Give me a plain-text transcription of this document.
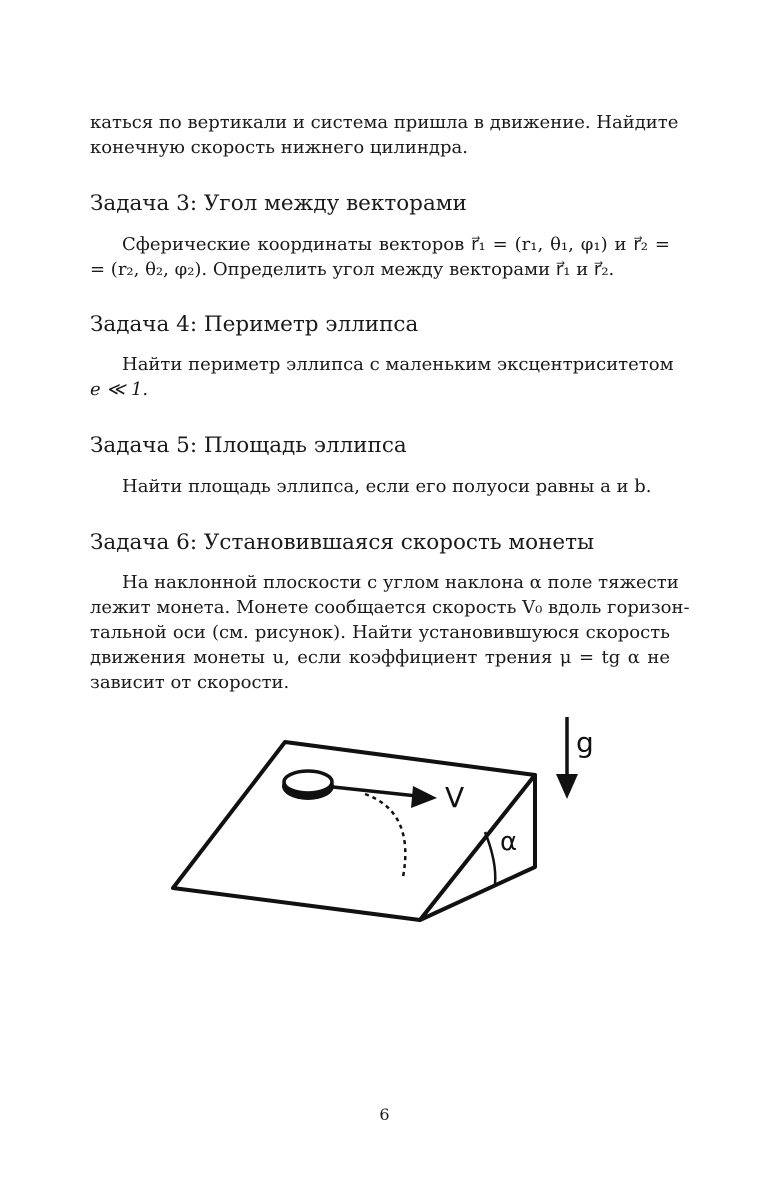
катьcя по вертикали и система пришла в движение. Найдите
конечную скорость нижнего цилиндра.

Задача 3: Угол между векторами

Сферические координаты векторов r⃗₁ = (r₁, θ₁, φ₁) и r⃗₂ =
= (r₂, θ₂, φ₂). Определить угол между векторами r⃗₁ и r⃗₂.

Задача 4: Периметр эллипса

Найти периметр эллипса с маленьким эксцентриситетом
e ≪ 1.

Задача 5: Площадь эллипса

Найти площадь эллипса, если его полуоси равны a и b.

Задача 6: Установившаяся скорость монеты

На наклонной плоскости с углом наклона α поле тяжести
лежит монета. Монете сообщается скорость V₀ вдоль горизон-
тальной оси (см. рисунок). Найти установившуюся скорость
движения монеты u, если коэффициент трения μ = tg α не
зависит от скорости.

α
V
g
6
